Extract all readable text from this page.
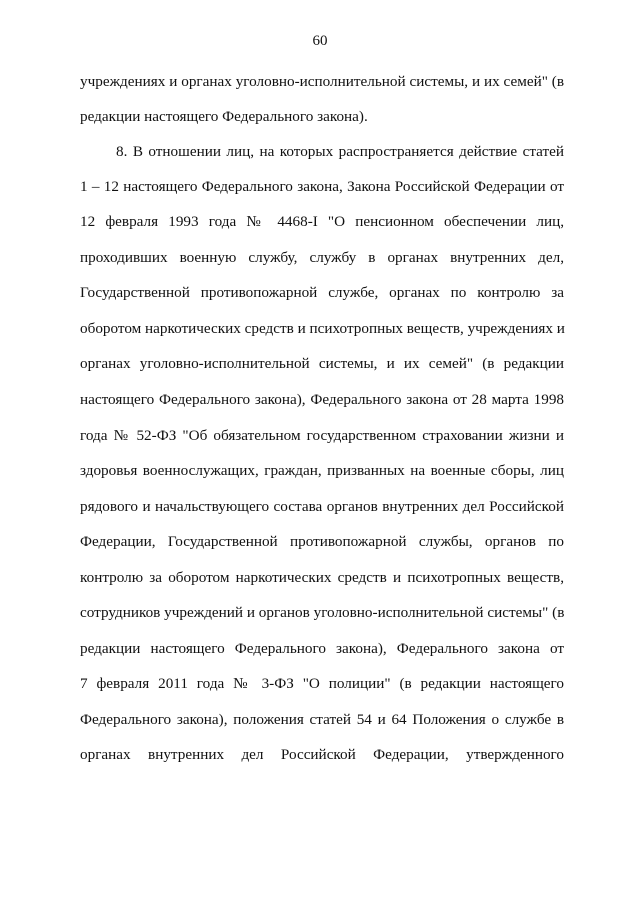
60
учреждениях и органах уголовно-исполнительной системы, и их семей" (в
редакции настоящего Федерального закона).
8. В отношении лиц, на которых распространяется действие статей
1 – 12 настоящего Федерального закона, Закона Российской Федерации от
12 февраля 1993 года № 4468-I "О пенсионном обеспечении лиц,
проходивших военную службу, службу в органах внутренних дел,
Государственной противопожарной службе, органах по контролю за
оборотом наркотических средств и психотропных веществ, учреждениях и
органах уголовно-исполнительной системы, и их семей" (в редакции
настоящего Федерального закона), Федерального закона от 28 марта 1998
года № 52-ФЗ "Об обязательном государственном страховании жизни и
здоровья военнослужащих, граждан, призванных на военные сборы, лиц
рядового и начальствующего состава органов внутренних дел Российской
Федерации, Государственной противопожарной службы, органов по
контролю за оборотом наркотических средств и психотропных веществ,
сотрудников учреждений и органов уголовно-исполнительной системы" (в
редакции настоящего Федерального закона), Федерального закона от
7 февраля 2011 года № 3-ФЗ "О полиции" (в редакции настоящего
Федерального закона), положения статей 54 и 64 Положения о службе в
органах внутренних дел Российской Федерации, утвержденного
